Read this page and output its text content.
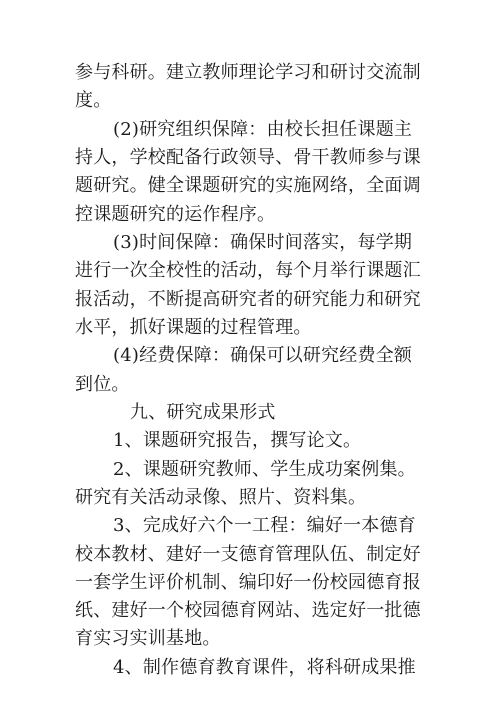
参与科研。建立教师理论学习和研讨交流制
度。
(2)研究组织保障：由校长担任课题主
持人，学校配备行政领导、骨干教师参与课
题研究。健全课题研究的实施网络，全面调
控课题研究的运作程序。
(3)时间保障：确保时间落实，每学期
进行一次全校性的活动，每个月举行课题汇
报活动，不断提高研究者的研究能力和研究
水平，抓好课题的过程管理。
(4)经费保障：确保可以研究经费全额
到位。
九、研究成果形式
1、课题研究报告，撰写论文。
2、课题研究教师、学生成功案例集。
研究有关活动录像、照片、资料集。
3、完成好六个一工程：编好一本德育
校本教材、建好一支德育管理队伍、制定好
一套学生评价机制、编印好一份校园德育报
纸、建好一个校园德育网站、选定好一批德
育实习实训基地。
4、制作德育教育课件，将科研成果推
